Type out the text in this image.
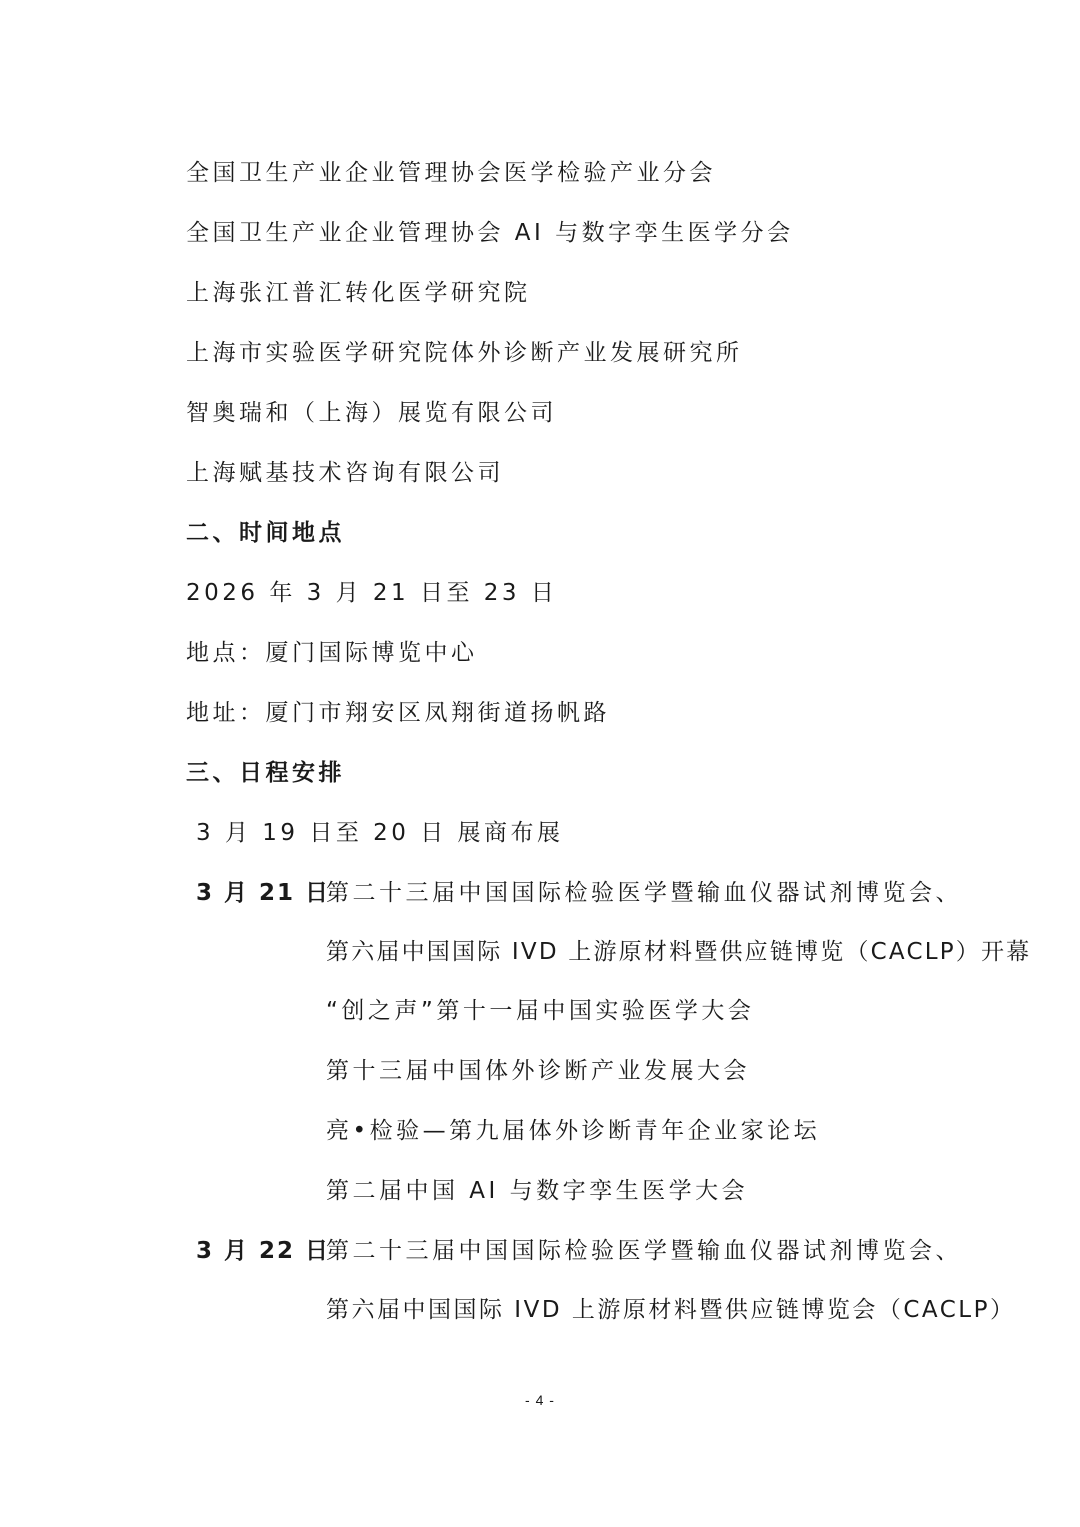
全国卫生产业企业管理协会医学检验产业分会
全国卫生产业企业管理协会 AI 与数字孪生医学分会
上海张江普汇转化医学研究院
上海市实验医学研究院体外诊断产业发展研究所
智奥瑞和（上海）展览有限公司
上海赋基技术咨询有限公司
二、时间地点
2026 年 3 月 21 日至 23 日
地点：厦门国际博览中心
地址：厦门市翔安区凤翔街道扬帆路
三、日程安排
3 月 19 日至 20 日 展商布展
3 月 21 日
第二十三届中国国际检验医学暨输血仪器试剂博览会、
第六届中国国际 IVD 上游原材料暨供应链博览（CACLP）开幕
“创之声”第十一届中国实验医学大会
第十三届中国体外诊断产业发展大会
亮•检验—第九届体外诊断青年企业家论坛
第二届中国 AI 与数字孪生医学大会
3 月 22 日
第二十三届中国国际检验医学暨输血仪器试剂博览会、
第六届中国国际 IVD 上游原材料暨供应链博览会（CACLP）
- 4 -
